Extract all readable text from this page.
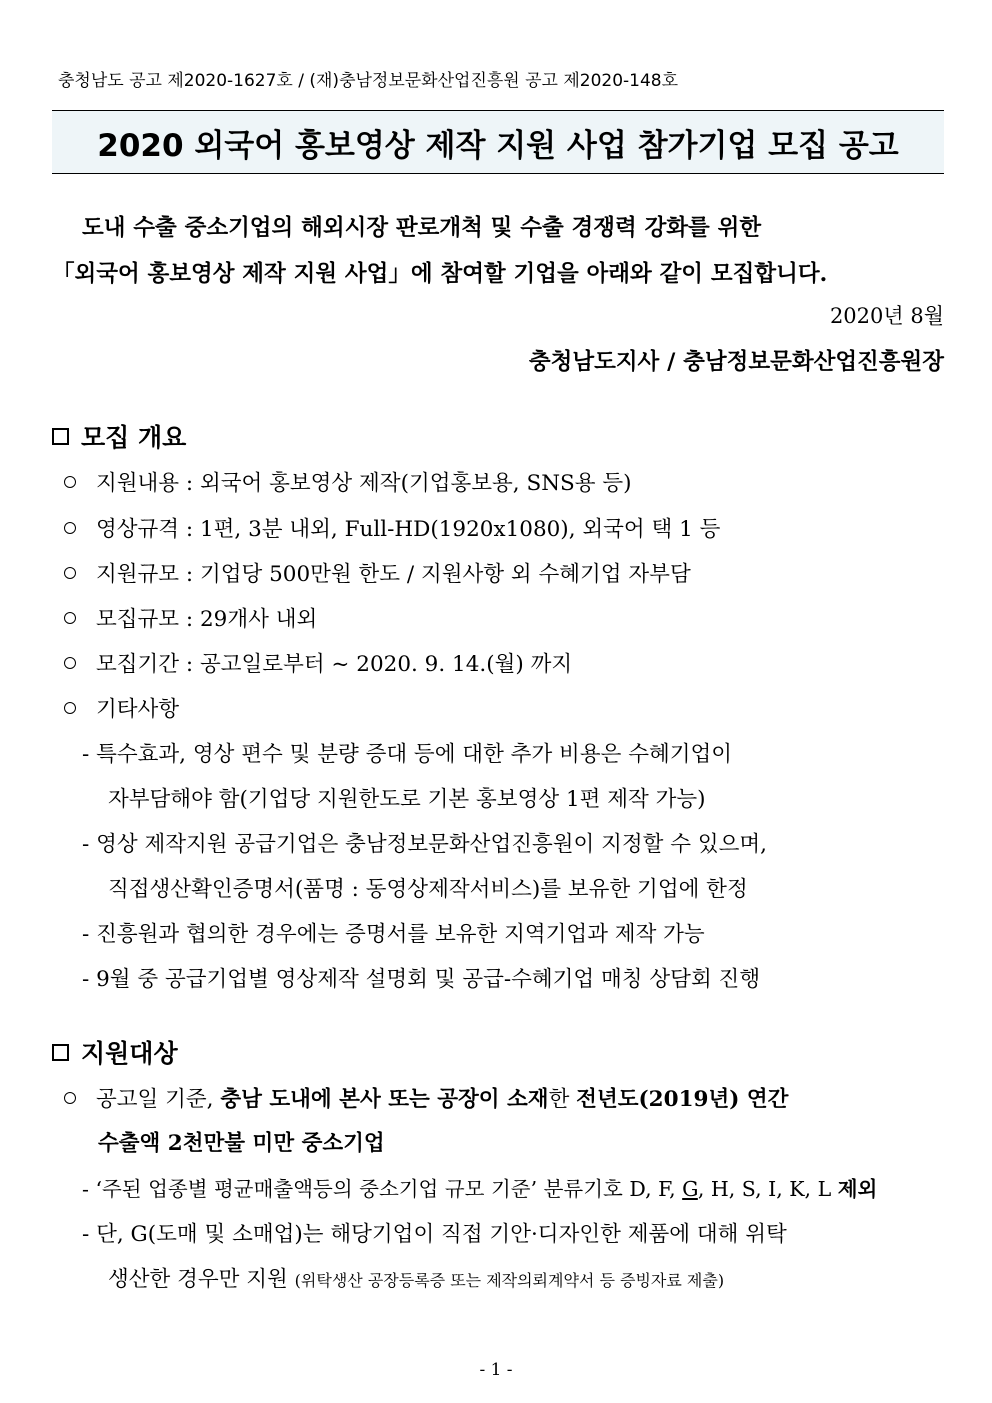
충청남도 공고 제2020-1627호 / (재)충남정보문화산업진흥원 공고 제2020-148호
2020 외국어 홍보영상 제작 지원 사업 참가기업 모집 공고
도내 수출 중소기업의 해외시장 판로개척 및 수출 경쟁력 강화를 위한
「외국어 홍보영상 제작 지원 사업」에 참여할 기업을 아래와 같이 모집합니다.
2020년 8월
충청남도지사 / 충남정보문화산업진흥원장
모집 개요
지원내용 : 외국어 홍보영상 제작(기업홍보용, SNS용 등)
영상규격 : 1편, 3분 내외, Full-HD(1920x1080), 외국어 택 1 등
지원규모 : 기업당 500만원 한도 / 지원사항 외 수혜기업 자부담
모집규모 : 29개사 내외
모집기간 : 공고일로부터 ~ 2020. 9. 14.(월) 까지
기타사항
- 특수효과, 영상 편수 및 분량 증대 등에 대한 추가 비용은 수혜기업이
자부담해야 함(기업당 지원한도로 기본 홍보영상 1편 제작 가능)
- 영상 제작지원 공급기업은 충남정보문화산업진흥원이 지정할 수 있으며,
직접생산확인증명서(품명 : 동영상제작서비스)를 보유한 기업에 한정
- 진흥원과 협의한 경우에는 증명서를 보유한 지역기업과 제작 가능
- 9월 중 공급기업별 영상제작 설명회 및 공급-수혜기업 매칭 상담회 진행
지원대상
공고일 기준, 충남 도내에 본사 또는 공장이 소재한 전년도(2019년) 연간
수출액 2천만불 미만 중소기업
- ‘주된 업종별 평균매출액등의 중소기업 규모 기준’ 분류기호 D, F, G, H, S, I, K, L 제외
- 단, G(도매 및 소매업)는 해당기업이 직접 기안·디자인한 제품에 대해 위탁
생산한 경우만 지원 (위탁생산 공장등록증 또는 제작의뢰계약서 등 증빙자료 제출)
- 1 -
